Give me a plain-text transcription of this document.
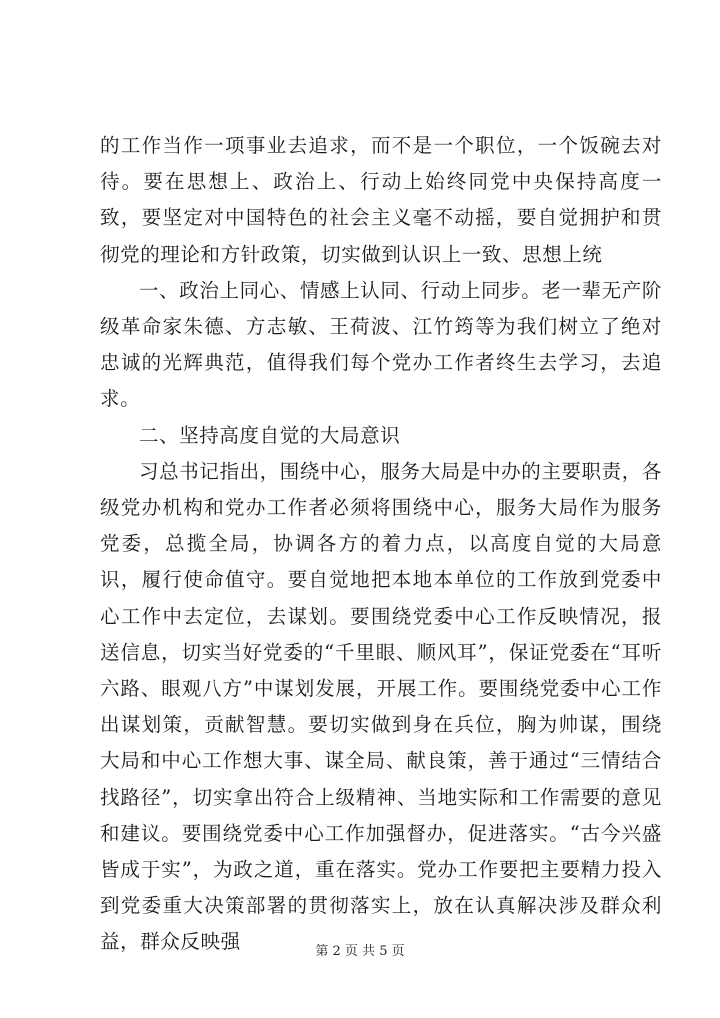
的工作当作一项事业去追求，而不是一个职位，一个饭碗去对待。要在思想上、政治上、行动上始终同党中央保持高度一致，要坚定对中国特色的社会主义毫不动摇，要自觉拥护和贯彻党的理论和方针政策，切实做到认识上一致、思想上统

一、政治上同心、情感上认同、行动上同步。老一辈无产阶级革命家朱德、方志敏、王荷波、江竹筠等为我们树立了绝对忠诚的光辉典范，值得我们每个党办工作者终生去学习，去追求。

二、坚持高度自觉的大局意识

习总书记指出，围绕中心，服务大局是中办的主要职责，各级党办机构和党办工作者必须将围绕中心，服务大局作为服务党委，总揽全局，协调各方的着力点，以高度自觉的大局意识，履行使命值守。要自觉地把本地本单位的工作放到党委中心工作中去定位，去谋划。要围绕党委中心工作反映情况，报送信息，切实当好党委的“千里眼、顺风耳”，保证党委在“耳听六路、眼观八方”中谋划发展，开展工作。要围绕党委中心工作出谋划策，贡献智慧。要切实做到身在兵位，胸为帅谋，围绕大局和中心工作想大事、谋全局、献良策，善于通过“三情结合找路径”，切实拿出符合上级精神、当地实际和工作需要的意见和建议。要围绕党委中心工作加强督办，促进落实。“古今兴盛皆成于实”，为政之道，重在落实。党办工作要把主要精力投入到党委重大决策部署的贯彻落实上，放在认真解决涉及群众利益，群众反映强	第 2 页 共 5 页
